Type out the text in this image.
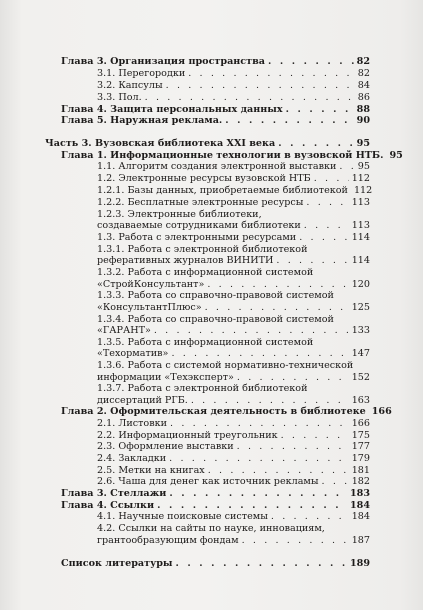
Глава 3. Организация пространства . . .	82
3.1. Перегородки . . .	82
3.2. Капсулы . . .	84
3.3. Пол. . . .	86
Глава 4. Защита персональных данных . . .	88
Глава 5. Наружная реклама. . . .	90
Часть 3. Вузовская библиотека XXI века . . .	95
Глава 1. Информационные технологии в вузовской НТБ. 95
1.1. Алгоритм создания электронной выставки . . . 95
1.2. Электронные ресурсы вузовской НТБ . . .	112
1.2.1. Базы данных, приобретаемые библиотекой 112
1.2.2. Бесплатные электронные ресурсы . . .	113
1.2.3. Электронные библиотеки,
создаваемые сотрудниками библиотеки . . .	113
1.3. Работа с электронными ресурсами . . .	114
1.3.1. Работа с электронной библиотекой
реферативных журналов ВИНИТИ . . .	114
1.3.2. Работа с информационной системой
«СтройКонсультант» . . .	120
1.3.3. Работа со справочно-правовой системой
«КонсультантПлюс» . . .	125
1.3.4. Работа со справочно-правовой системой
«ГАРАНТ» . . .	133
1.3.5. Работа с информационной системой
«Техорматив» . . .	147
1.3.6. Работа с системой нормативно-технической
информации «Техэксперт» . . .	152
1.3.7. Работа с электронной библиотекой
диссертаций РГБ. . . .	163
Глава 2. Оформительская деятельность в библиотеке 166
2.1. Листовки . . .	166
2.2. Информационный треугольник . . .	175
2.3. Оформление выставки . . .	177
2.4. Закладки . . .	179
2.5. Метки на книгах . . .	181
2.6. Чаша для денег как источник рекламы . . .	182
Глава 3. Стеллажи . . .	183
Глава 4. Ссылки . . .	184
4.1. Научные поисковые системы . . .	184
4.2. Ссылки на сайты по науке, инновациям,
грантообразующим фондам . . .	187
Список литературы . . .	189
